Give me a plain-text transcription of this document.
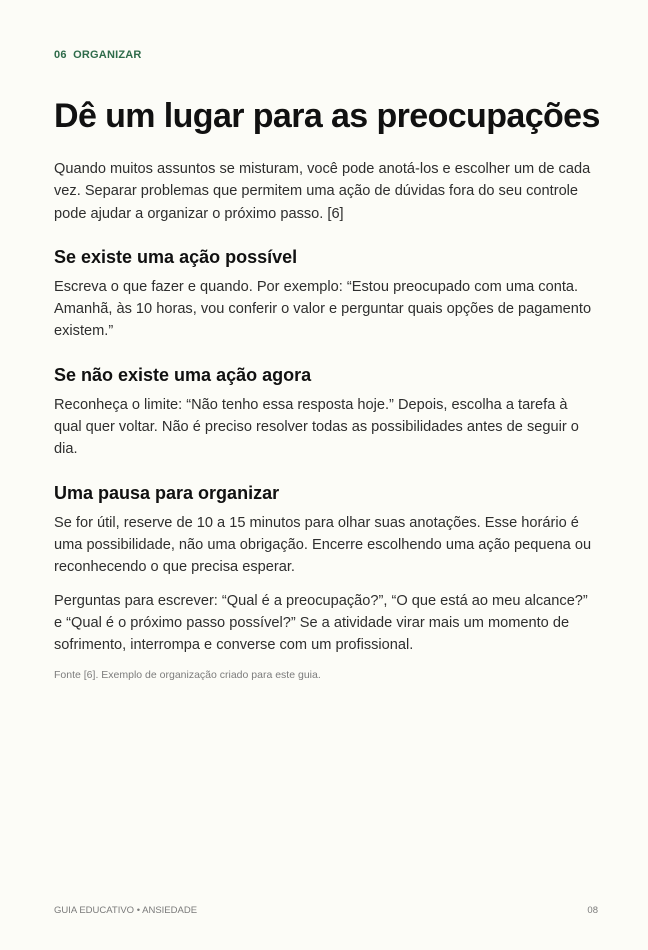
06  ORGANIZAR
Dê um lugar para as preocupações

Quando muitos assuntos se misturam, você pode anotá-los e escolher um de cada vez. Separar problemas que permitem uma ação de dúvidas fora do seu controle pode ajudar a organizar o próximo passo. [6]

Se existe uma ação possível

Escreva o que fazer e quando. Por exemplo: “Estou preocupado com uma conta. Amanhã, às 10 horas, vou conferir o valor e perguntar quais opções de pagamento existem.”

Se não existe uma ação agora

Reconheça o limite: “Não tenho essa resposta hoje.” Depois, escolha a tarefa à qual quer voltar. Não é preciso resolver todas as possibilidades antes de seguir o dia.

Uma pausa para organizar

Se for útil, reserve de 10 a 15 minutos para olhar suas anotações. Esse horário é uma possibilidade, não uma obrigação. Encerre escolhendo uma ação pequena ou reconhecendo o que precisa esperar.

Perguntas para escrever: “Qual é a preocupação?”, “O que está ao meu alcance?” e “Qual é o próximo passo possível?” Se a atividade virar mais um momento de sofrimento, interrompa e converse com um profissional.

Fonte [6]. Exemplo de organização criado para este guia.
GUIA EDUCATIVO • ANSIEDADE	08
